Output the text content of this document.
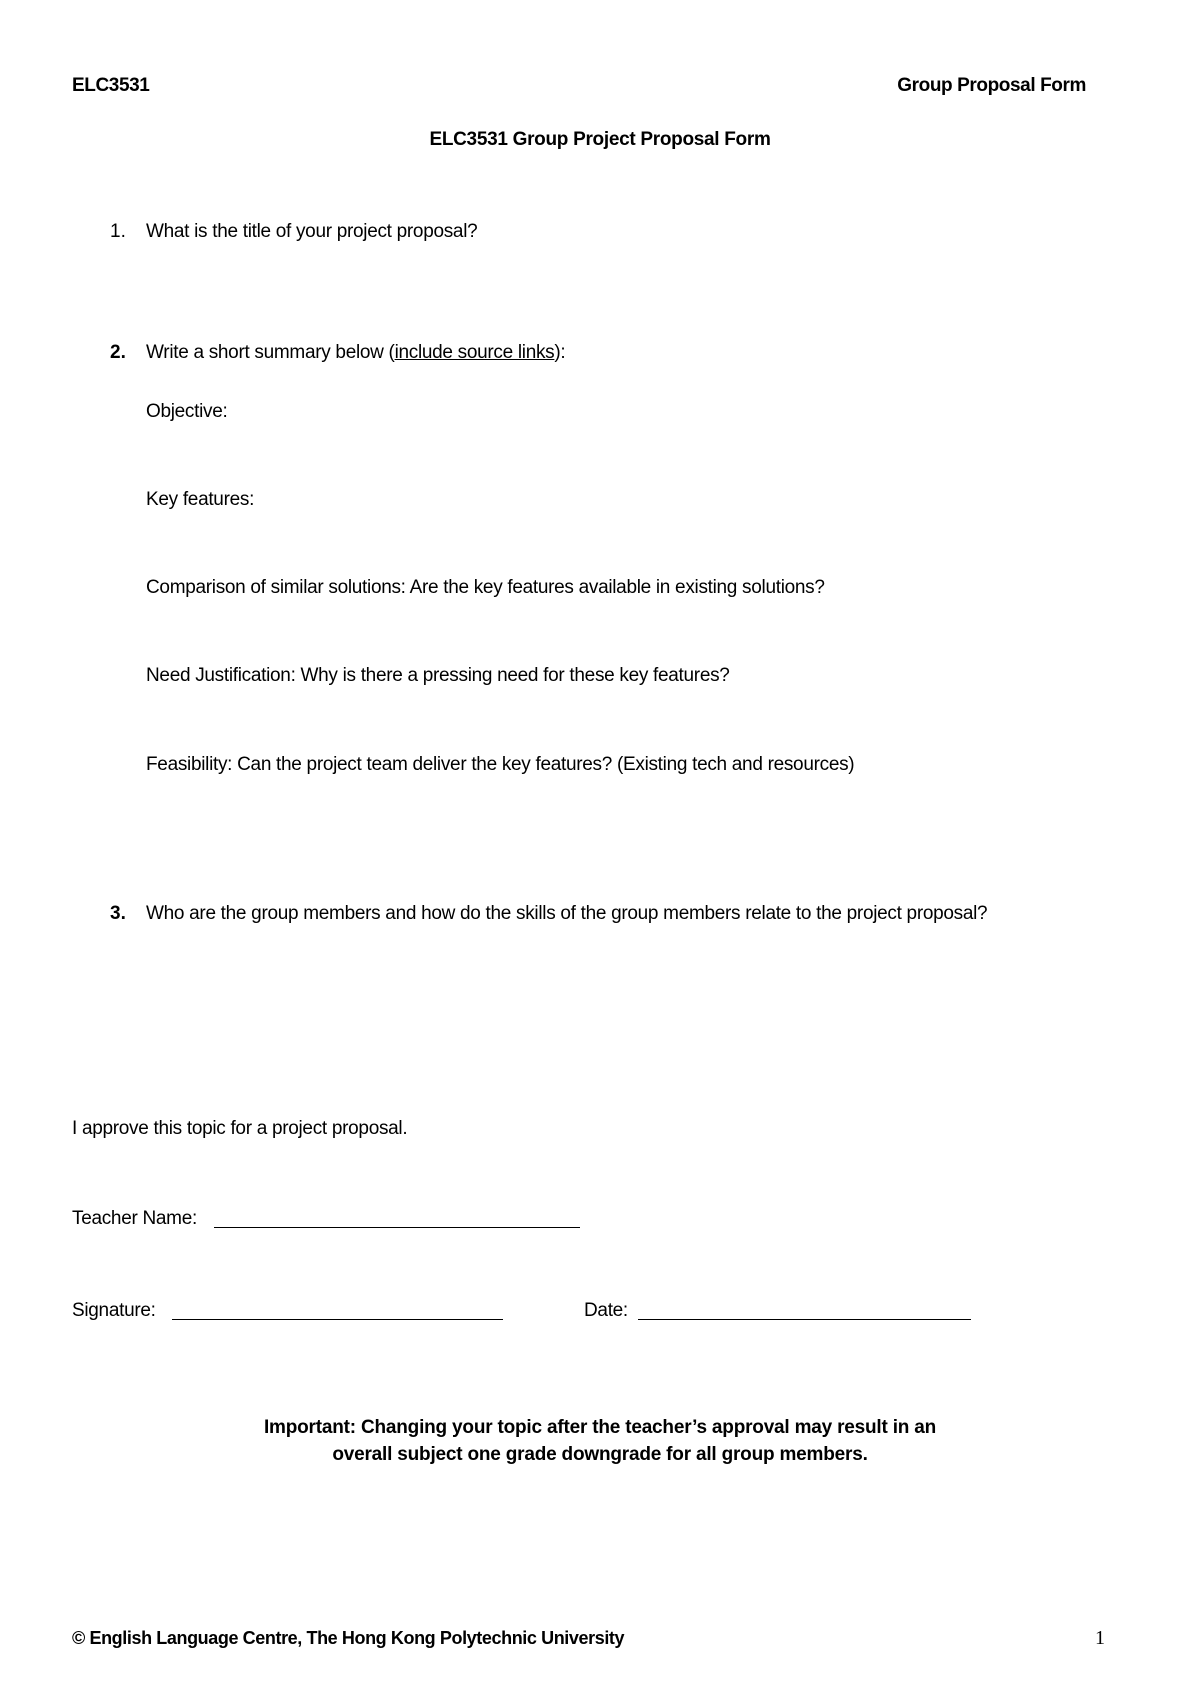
ELC3531	Group Proposal Form
ELC3531 Group Project Proposal Form
1. What is the title of your project proposal?
2. Write a short summary below (include source links):
Objective:
Key features:
Comparison of similar solutions: Are the key features available in existing solutions?
Need Justification: Why is there a pressing need for these key features?
Feasibility: Can the project team deliver the key features? (Existing tech and resources)
3. Who are the group members and how do the skills of the group members relate to the project proposal?
I approve this topic for a project proposal.
Teacher Name:
Signature:	Date:
Important: Changing your topic after the teacher’s approval may result in an
overall subject one grade downgrade for all group members.
© English Language Centre, The Hong Kong Polytechnic University	1
